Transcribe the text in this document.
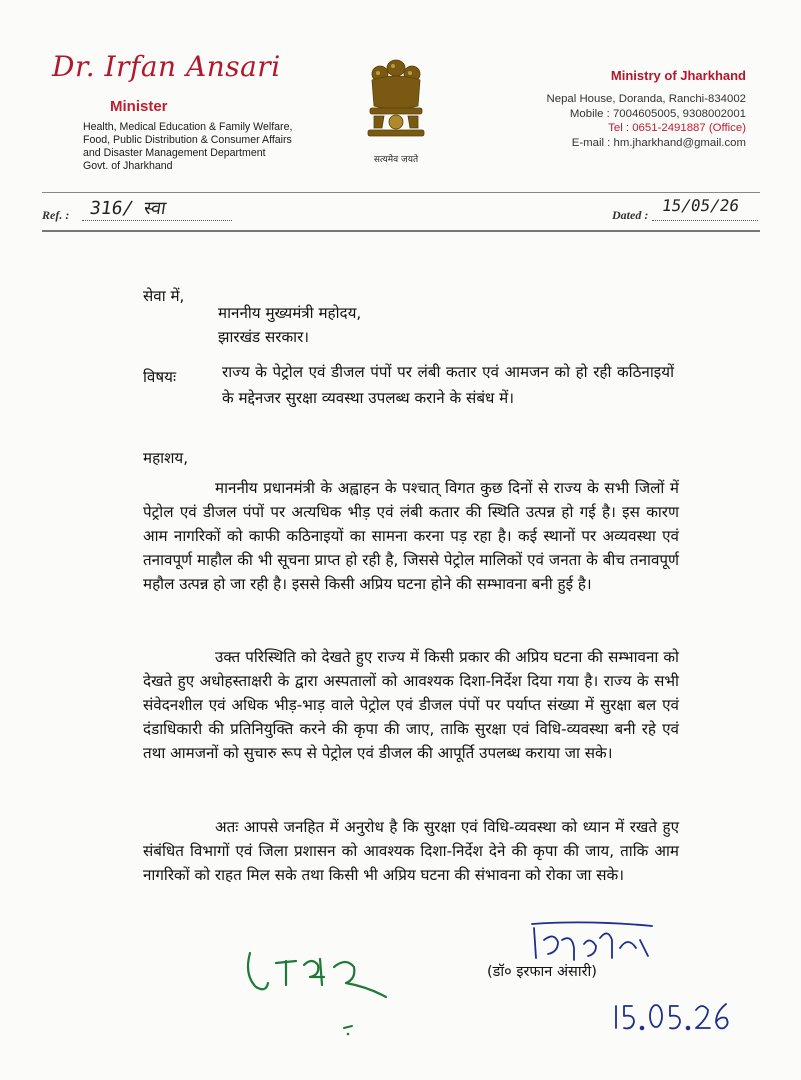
Dr. Irfan Ansari
Minister
Health, Medical Education & Family Welfare, Food, Public Distribution & Consumer Affairs and Disaster Management Department Govt. of Jharkhand	सत्यमेव जयते
Ministry of Jharkhand
Nepal House, Doranda, Ranchi-834002
Mobile : 7004605005, 9308002001
Tel : 0651-2491887 (Office)
E-mail : hm.jharkhand@gmail.com
Ref. : 316/ स्वा	Dated : 15/05/26
सेवा में,
माननीय मुख्यमंत्री महोदय,
झारखंड सरकार।
विषयः	राज्य के पेट्रोल एवं डीजल पंपों पर लंबी कतार एवं आमजन को हो रही कठिनाइयों के मद्देनजर सुरक्षा व्यवस्था उपलब्ध कराने के संबंध में।
महाशय,
माननीय प्रधानमंत्री के अह्वाहन के पश्चात् विगत कुछ दिनों से राज्य के सभी जिलों में पेट्रोल एवं डीजल पंपों पर अत्यधिक भीड़ एवं लंबी कतार की स्थिति उत्पन्न हो गई है। इस कारण आम नागरिकों को काफी कठिनाइयों का सामना करना पड़ रहा है। कई स्थानों पर अव्यवस्था एवं तनावपूर्ण माहौल की भी सूचना प्राप्त हो रही है, जिससे पेट्रोल मालिकों एवं जनता के बीच तनावपूर्ण महौल उत्पन्न हो जा रही है। इससे किसी अप्रिय घटना होने की सम्भावना बनी हुई है।
उक्त परिस्थिति को देखते हुए राज्य में किसी प्रकार की अप्रिय घटना की सम्भावना को देखते हुए अधोहस्ताक्षरी के द्वारा अस्पतालों को आवश्यक दिशा-निर्देश दिया गया है। राज्य के सभी संवेदनशील एवं अधिक भीड़-भाड़ वाले पेट्रोल एवं डीजल पंपों पर पर्याप्त संख्या में सुरक्षा बल एवं दंडाधिकारी की प्रतिनियुक्ति करने की कृपा की जाए, ताकि सुरक्षा एवं विधि-व्यवस्था बनी रहे एवं तथा आमजनों को सुचारु रूप से पेट्रोल एवं डीजल की आपूर्ति उपलब्ध कराया जा सके।
अतः आपसे जनहित में अनुरोध है कि सुरक्षा एवं विधि-व्यवस्था को ध्यान में रखते हुए संबंधित विभागों एवं जिला प्रशासन को आवश्यक दिशा-निर्देश देने की कृपा की जाय, ताकि आम नागरिकों को राहत मिल सके तथा किसी भी अप्रिय घटना की संभावना को रोका जा सके।
(डॉ० इरफान अंसारी)
